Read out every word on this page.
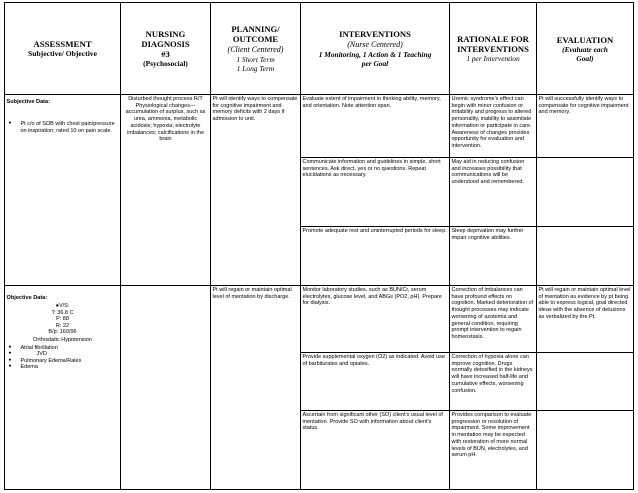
ASSESSMENT
Subjective/ Objective
NURSING
DIAGNOSIS
#3
(Psychosocial)
PLANNING/
OUTCOME
(Client Centered)
1 Short Term
1 Long Term
INTERVENTIONS
(Nurse Centered)
1 Monitoring, 1 Action & 1 Teaching
per Goal
RATIONALE FOR
INTERVENTIONS
1 per Intervention
EVALUATION
(Evaluate each
Goal)
Subjective Data:
● Pt c/o of SOB with chest pain/pressure on inspiration; rated 10 on pain scale.
Objective Data:
●V/S:
T: 36.8 C
P: 88
R: 22
B/p: 160/96
Orthostatic Hypotension
● Atrial fibrillation
● JVD
● Pulmonary Edema/Rales
● Edema
Disturbed thought process R/T Physiological changes---accumulation of surplus, such as urea, ammonia, metabolic acidosis; hypoxia; electrolyte imbalances; calcifications in the brain
Pt will identify ways to compensate for cognitive impairment and memory deficits with 2 days if admission to unit.
Pt will regain or maintain optimal level of mentation by discharge.
Evaluate extent of impairment in thinking ability, memory, and orientation. Note attention span.
Communicate information and guidelines in simple, short sentences. Ask direct, yes or no questions. Repeat elucidations as necessary.
Promote adequate rest and uninterrupted periods for sleep.
Monitor laboratory studies, such as BUN/Cr, serum electrolytes, glucose level, and ABGs (PO2, pH). Prepare for dialysis.
Provide supplemental oxygen (O2) as indicated. Avoid use of barbiturates and opiates.
Ascertain from significant other (SO) client's usual level of mentation. Provide SO with information about client's status.
Uremic syndrome's effect can begin with minor confusion or irritability and progress to altered personality, inability to assimilate information or participate in care. Awareness of changes provides opportunity for evaluation and intervention.
May aid in reducing confusion and increases possibility that communications will be understood and remembered.
Sleep deprivation may further impair cognitive abilities.
Correction of imbalances can have profound effects on cognition. Marked deterioration of thought processes may indicate worsening of azotemia and general condition, requiring prompt intervention to regain homeostasis.
Correction of hypoxia alone can improve cognition. Drugs normally detoxified in the kidneys will have increased half-life and cumulative effects, worsening confusion.
Provides comparison to evaluate progression or resolution of impairment. Some improvement in mentation may be expected with restoration of more normal levels of BUN, electrolytes, and serum pH.
Pt will successfully identify ways to compensate for cognitive impairment and memory.
Pt will regain or maintain optimal level of mentation as evidence by pt being able to express logical, goal directed ideas with the absence of delusions as verbalized by the Pt.
